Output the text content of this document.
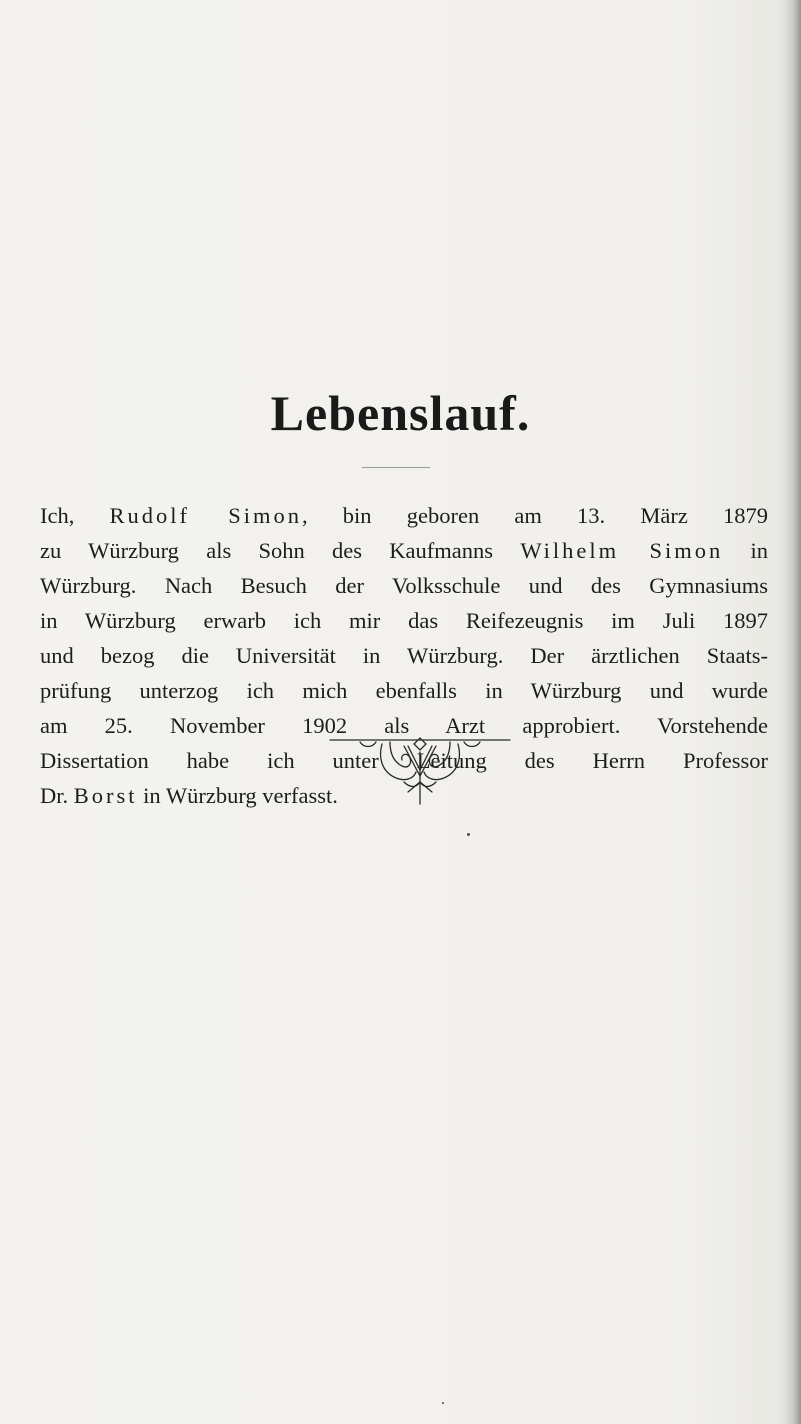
Lebenslauf.
Ich, Rudolf Simon, bin geboren am 13. März 1879
zu Würzburg als Sohn des Kaufmanns Wilhelm Simon in
Würzburg. Nach Besuch der Volksschule und des Gymnasiums
in Würzburg erwarb ich mir das Reifezeugnis im Juli 1897
und bezog die Universität in Würzburg. Der ärztlichen Staats-
prüfung unterzog ich mich ebenfalls in Würzburg und wurde
am 25. November 1902 als Arzt approbiert. Vorstehende
Dissertation habe ich unter Leitung des Herrn Professor
Dr. Borst in Würzburg verfasst.
